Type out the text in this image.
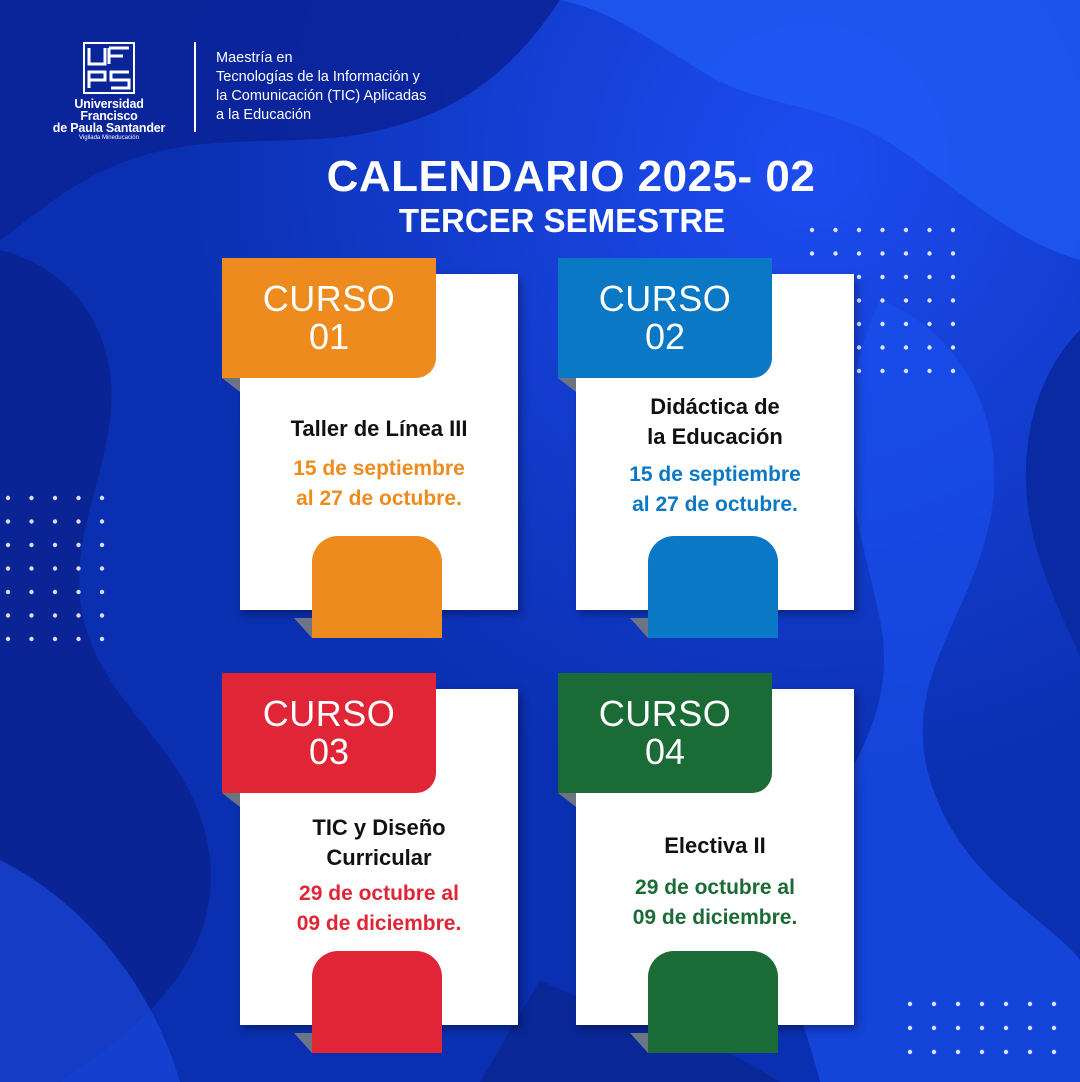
Universidad Francisco
de Paula Santander
Vigilada Mineducación
Maestría en
Tecnologías de la Información y
la Comunicación (TIC) Aplicadas
a la Educación
CALENDARIO 2025- 02
TERCER SEMESTRE
CURSO
01
Taller de Línea III
15 de septiembre
al 27 de octubre.
CURSO
02
Didáctica de
la Educación
15 de septiembre
al 27 de octubre.
CURSO
03
TIC y Diseño
Curricular
29 de octubre al
09 de diciembre.
CURSO
04
Electiva II
29 de octubre al
09 de diciembre.
